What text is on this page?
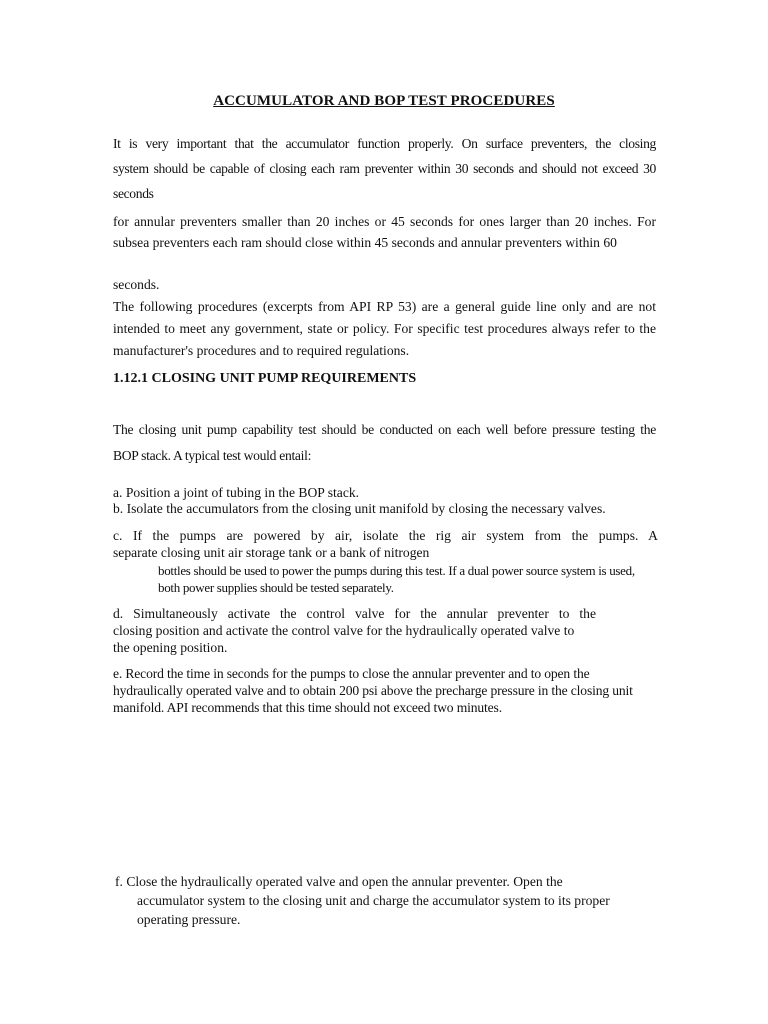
ACCUMULATOR AND BOP TEST PROCEDURES
It is very important that the accumulator function properly. On surface preventers, the closing
system should be capable of closing each ram preventer within 30 seconds and should not exceed 30
seconds

for annular preventers smaller than 20 inches or 45 seconds for ones larger than 20 inches. For subsea preventers each ram should close within 45 seconds and annular preventers within 60

seconds.

The following procedures (excerpts from API RP 53) are a general guide line only and are not intended to meet any government, state or policy. For specific test procedures always refer to the manufacturer's procedures and to required regulations.

1.12.1 CLOSING UNIT PUMP REQUIREMENTS
The closing unit pump capability test should be conducted on each well before pressure testing the
BOP stack. A typical test would entail:

a. Position a joint of tubing in the BOP stack.

b. Isolate the accumulators from the closing unit manifold by closing the necessary valves.

c. If the pumps are powered by air, isolate the rig air system from the pumps. A
separate closing unit air storage tank or a bank of nitrogen

bottles should be used to power the pumps during this test. If a dual power source system is used, both power supplies should be tested separately.

d. Simultaneously activate the control valve for the annular preventer to the
closing position and activate the control valve for the hydraulically operated valve to
the opening position.

e. Record the time in seconds for the pumps to close the annular preventer and to open the hydraulically operated valve and to obtain 200 psi above the precharge pressure in the closing unit manifold. API recommends that this time should not exceed two minutes.

f. Close the hydraulically operated valve and open the annular preventer. Open the
accumulator system to the closing unit and charge the accumulator system to its proper operating pressure.
